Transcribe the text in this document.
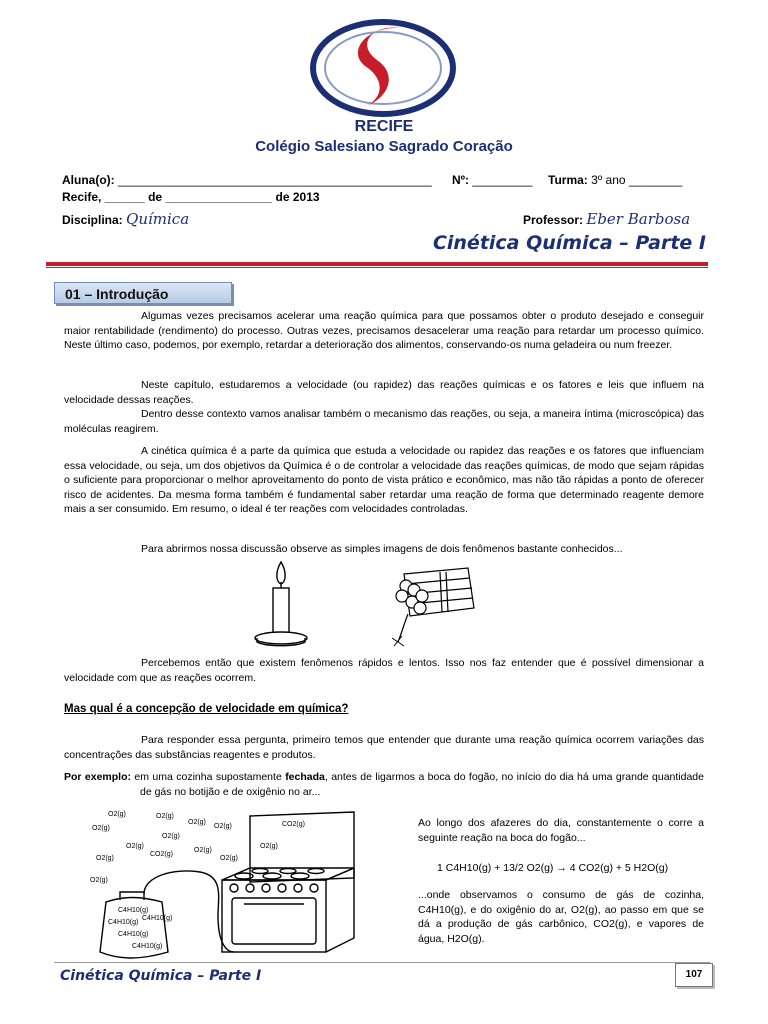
RECIFE
Colégio Salesiano Sagrado Coração
Aluna(o): _______________________________________________ Nº: _________ Turma: 3º ano ________
Recife, ______ de ________________ de 2013
Disciplina: Química	Professor: Eber Barbosa
Cinética Química – Parte I
01 – Introdução

Algumas vezes precisamos acelerar uma reação química para que possamos obter o produto desejado e conseguir maior rentabilidade (rendimento) do processo. Outras vezes, precisamos desacelerar uma reação para retardar um processo químico. Neste último caso, podemos, por exemplo, retardar a deterioração dos alimentos, conservando-os numa geladeira ou num freezer.

Neste capítulo, estudaremos a velocidade (ou rapidez) das reações químicas e os fatores e leis que influem na velocidade dessas reações.

Dentro desse contexto vamos analisar também o mecanismo das reações, ou seja, a maneira íntima (microscópica) das moléculas reagirem.

A cinética química é a parte da química que estuda a velocidade ou rapidez das reações e os fatores que influenciam essa velocidade, ou seja, um dos objetivos da Química é o de controlar a velocidade das reações químicas, de modo que sejam rápidas o suficiente para proporcionar o melhor aproveitamento do ponto de vista prático e econômico, mas não tão rápidas a ponto de oferecer risco de acidentes. Da mesma forma também é fundamental saber retardar uma reação de forma que determinado reagente demore mais a ser consumido. Em resumo, o ideal é ter reações com velocidades controladas.

Para abrirmos nossa discussão observe as simples imagens de dois fenômenos bastante conhecidos...

Percebemos então que existem fenômenos rápidos e lentos. Isso nos faz entender que é possível dimensionar a velocidade com que as reações ocorrem.

Mas qual é a concepção de velocidade em química?

Para responder essa pergunta, primeiro temos que entender que durante uma reação química ocorrem variações das concentrações das substâncias reagentes e produtos.

Por exemplo: em uma cozinha supostamente fechada, antes de ligarmos a boca do fogão, no início do dia há uma grande quantidade de gás no botijão e de oxigênio no ar...

O2(g)	O2(g)
O2(g)
O2(g)
O2(g)
O2(g)
O2(g)
O2(g)
O2(g)	O2(g)
O2(g)
O2(g)
CO2(g)
CO2(g)
C4H10(g)
C4H10(g)
C4H10(g)
C4H10(g)
C4H10(g)
Ao longo dos afazeres do dia, constantemente o corre a seguinte reação na boca do fogão...
1 C4H10(g) + 13/2 O2(g) → 4 CO2(g) + 5 H2O(g)
...onde observamos o consumo de gás de cozinha, C4H10(g), e do oxigênio do ar, O2(g), ao passo em que se dá a produção de gás carbônico, CO2(g), e vapores de água, H2O(g).
Cinética Química – Parte I	107
